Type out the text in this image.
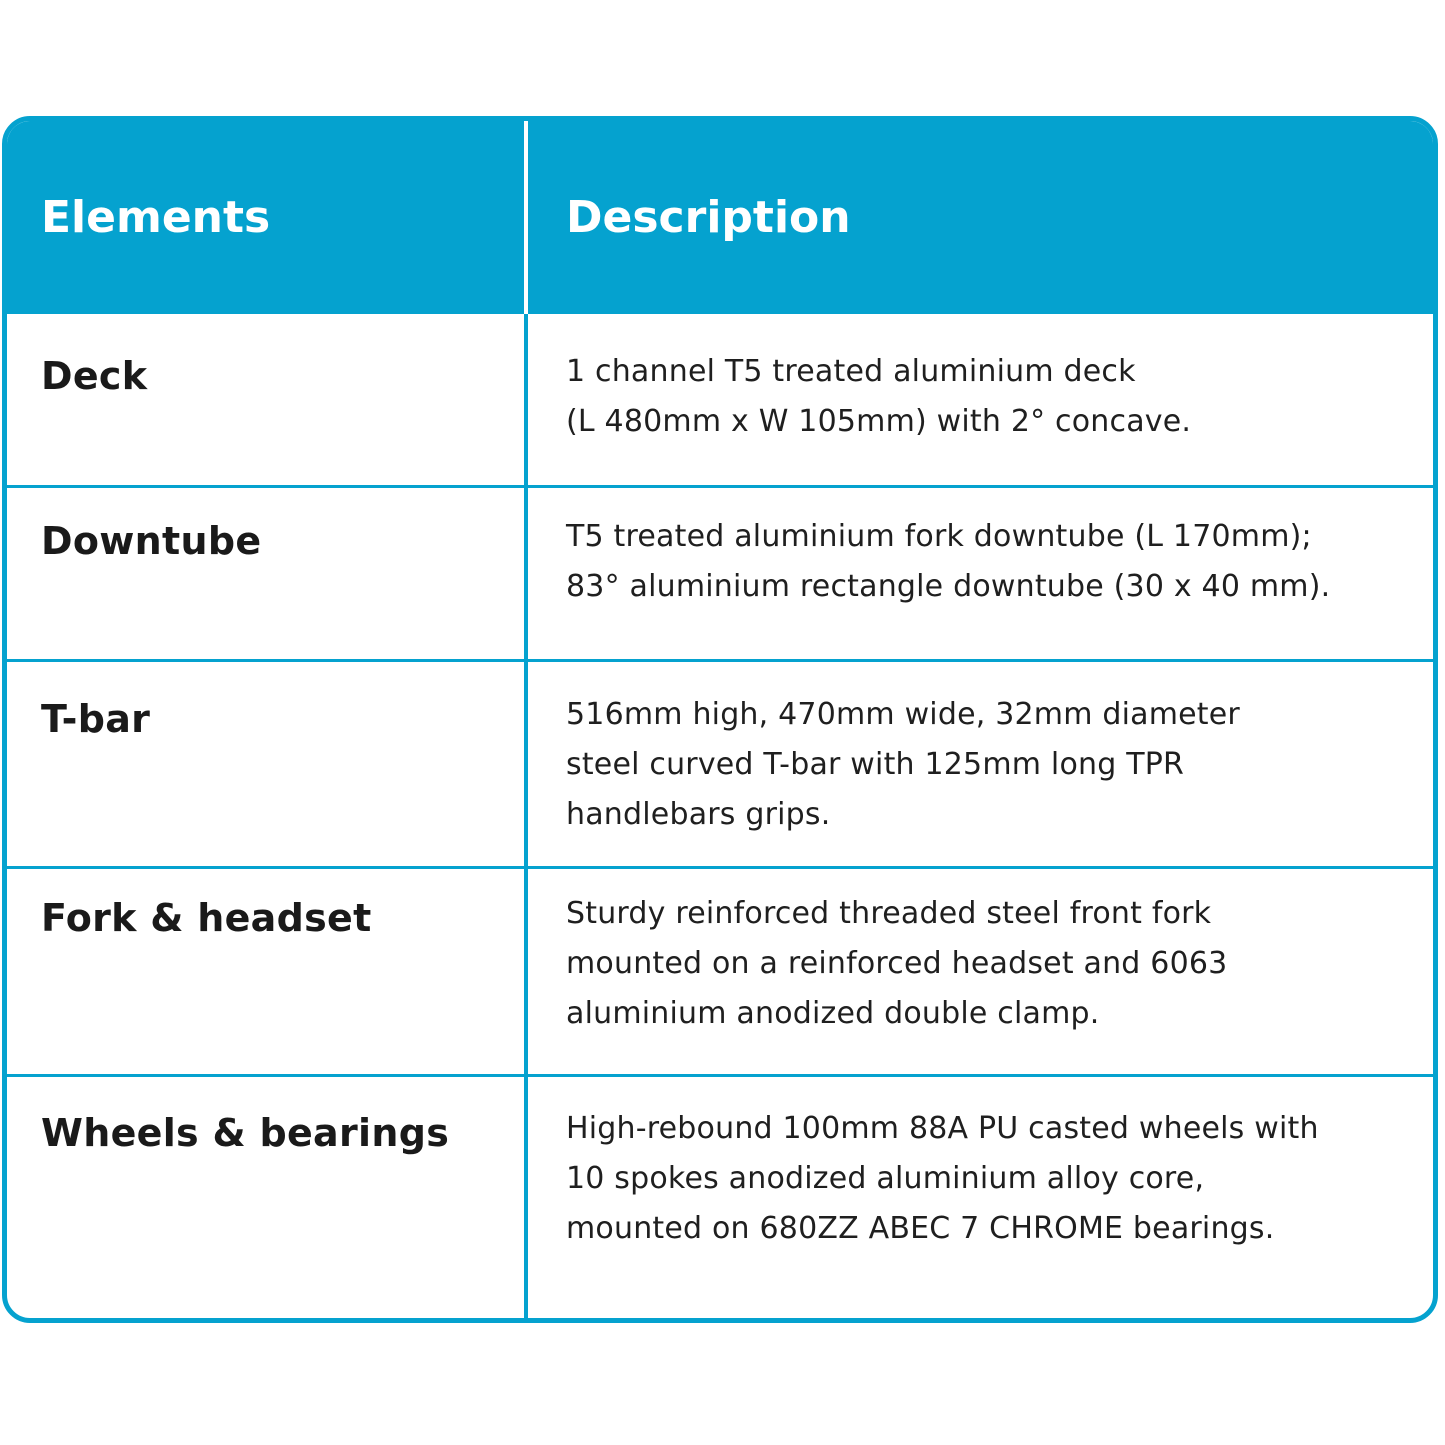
Elements	Description
Deck	1 channel T5 treated aluminium deck
(L 480mm x W 105mm) with 2° concave.
Downtube	T5 treated aluminium fork downtube (L 170mm);
83° aluminium rectangle downtube (30 x 40 mm).
T-bar	516mm high, 470mm wide, 32mm diameter
steel curved T-bar with 125mm long TPR
handlebars grips.
Fork & headset	Sturdy reinforced threaded steel front fork
mounted on a reinforced headset and 6063
aluminium anodized double clamp.
Wheels & bearings	High-rebound 100mm 88A PU casted wheels with
10 spokes anodized aluminium alloy core,
mounted on 680ZZ ABEC 7 CHROME bearings.
